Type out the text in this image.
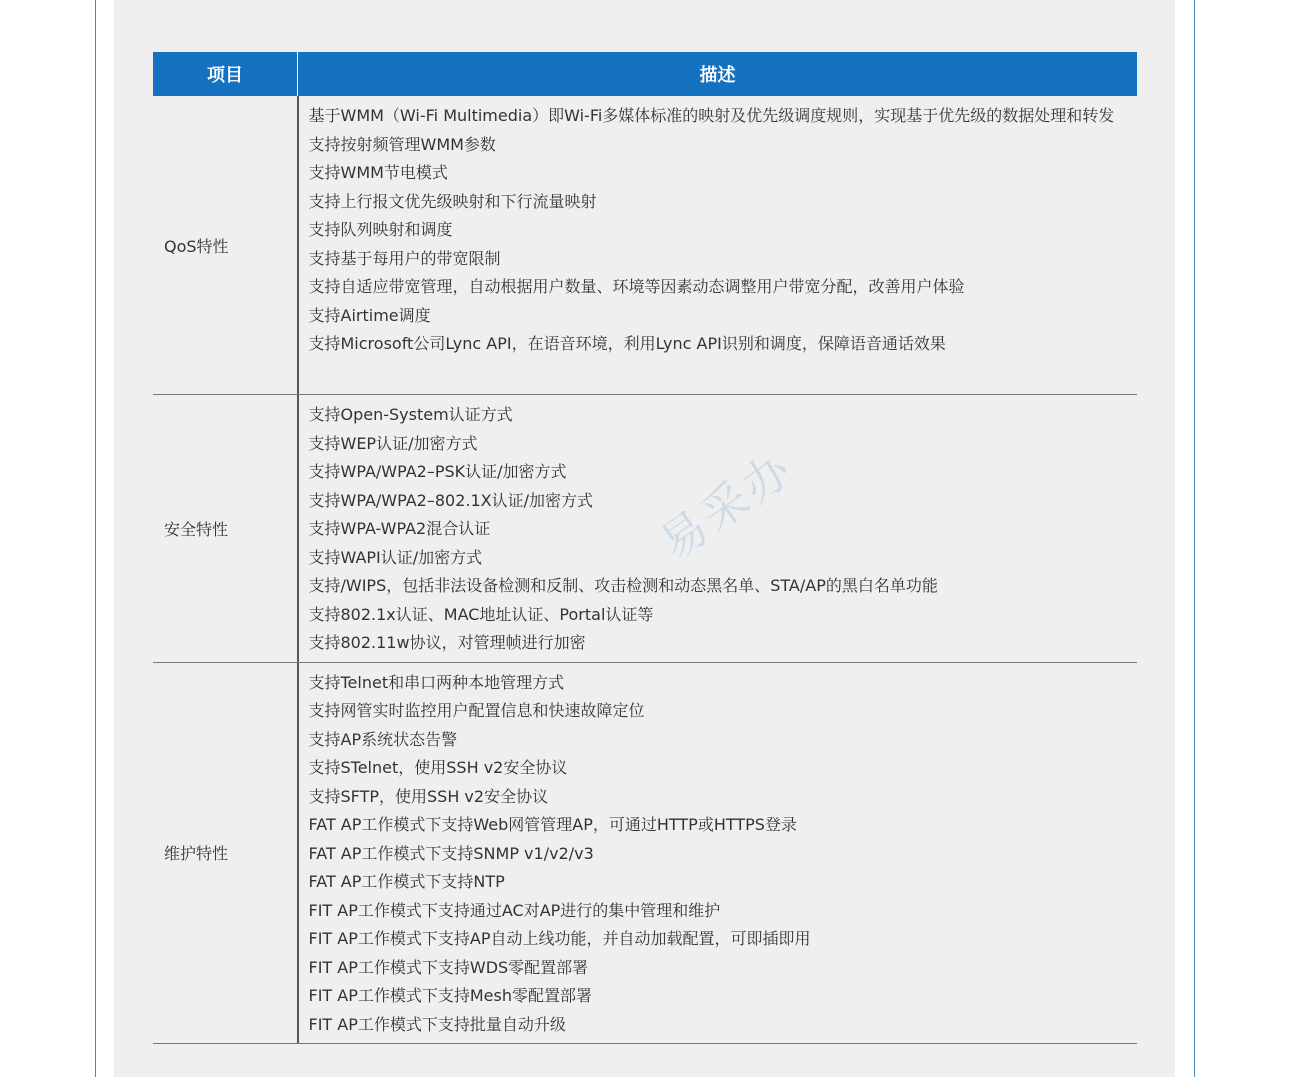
项目	描述
QoS特性
基于WMM（Wi-Fi Multimedia）即Wi-Fi多媒体标准的映射及优先级调度规则，实现基于优先级的数据处理和转发
支持按射频管理WMM参数
支持WMM节电模式
支持上行报文优先级映射和下行流量映射
支持队列映射和调度
支持基于每用户的带宽限制
支持自适应带宽管理，自动根据用户数量、环境等因素动态调整用户带宽分配，改善用户体验
支持Airtime调度
支持Microsoft公司Lync API，在语音环境，利用Lync API识别和调度，保障语音通话效果
安全特性
支持Open-System认证方式
支持WEP认证/加密方式
支持WPA/WPA2–PSK认证/加密方式
支持WPA/WPA2–802.1X认证/加密方式
支持WPA-WPA2混合认证
支持WAPI认证/加密方式
支持/WIPS，包括非法设备检测和反制、攻击检测和动态黑名单、STA/AP的黑白名单功能
支持802.1x认证、MAC地址认证、Portal认证等
支持802.11w协议，对管理帧进行加密
维护特性
支持Telnet和串口两种本地管理方式
支持网管实时监控用户配置信息和快速故障定位
支持AP系统状态告警
支持STelnet，使用SSH v2安全协议
支持SFTP，使用SSH v2安全协议
FAT AP工作模式下支持Web网管管理AP，可通过HTTP或HTTPS登录
FAT AP工作模式下支持SNMP v1/v2/v3
FAT AP工作模式下支持NTP
FIT AP工作模式下支持通过AC对AP进行的集中管理和维护
FIT AP工作模式下支持AP自动上线功能，并自动加载配置，可即插即用
FIT AP工作模式下支持WDS零配置部署
FIT AP工作模式下支持Mesh零配置部署
FIT AP工作模式下支持批量自动升级
易采办
